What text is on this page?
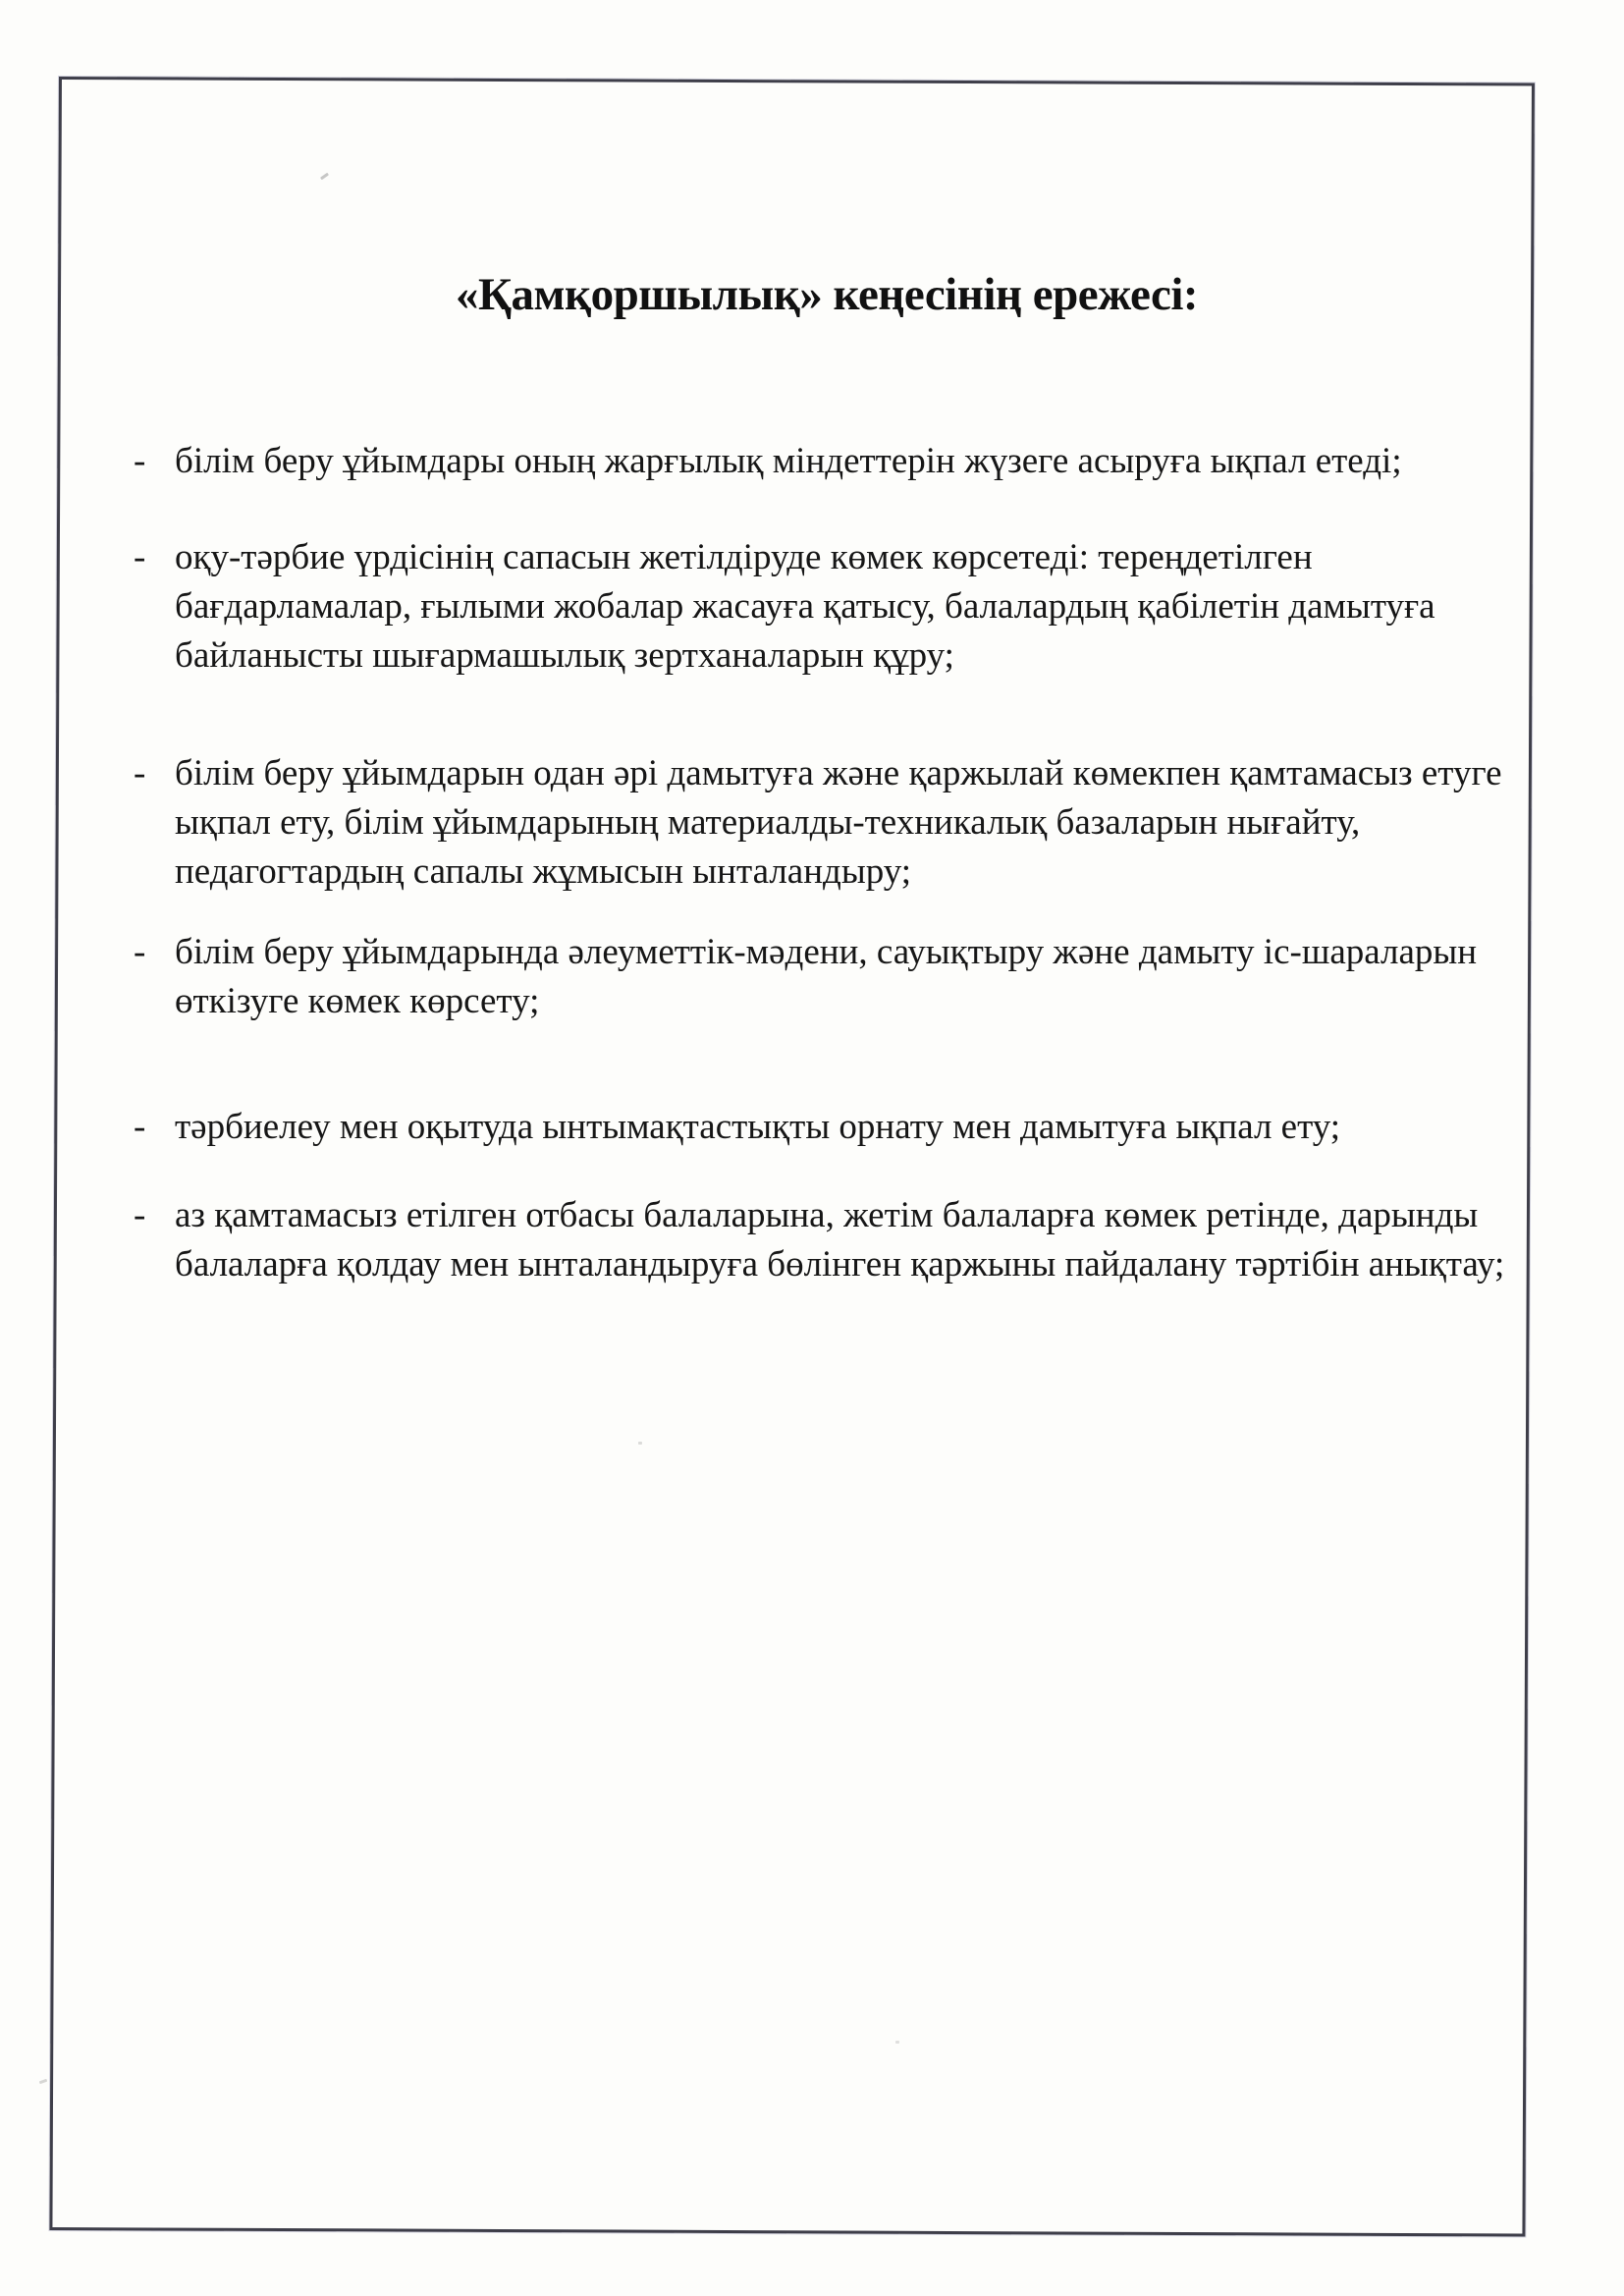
«Қамқоршылық» кеңесінің ережесі:
- білім беру ұйымдары оның жарғылық міндеттерін жүзеге асыруға ықпал етеді;
- оқу-тәрбие үрдісінің сапасын жетілдіруде көмек көрсетеді: тереңдетілген бағдарламалар, ғылыми жобалар жасауға қатысу, балалардың қабілетін дамытуға байланысты шығармашылық зертханаларын құру;
- білім беру ұйымдарын одан әрі дамытуға және қаржылай көмекпен қамтамасыз етуге ықпал ету, білім ұйымдарының материалды-техникалық базаларын нығайту, педагогтардың сапалы жұмысын ынталандыру;
- білім беру ұйымдарында әлеуметтік-мәдени, сауықтыру және дамыту іс-шараларын өткізуге көмек көрсету;
- тәрбиелеу мен оқытуда ынтымақтастықты орнату мен дамытуға ықпал ету;
- аз қамтамасыз етілген отбасы балаларына, жетім балаларға көмек ретінде, дарынды балаларға қолдау мен ынталандыруға бөлінген қаржыны пайдалану тәртібін анықтау;
